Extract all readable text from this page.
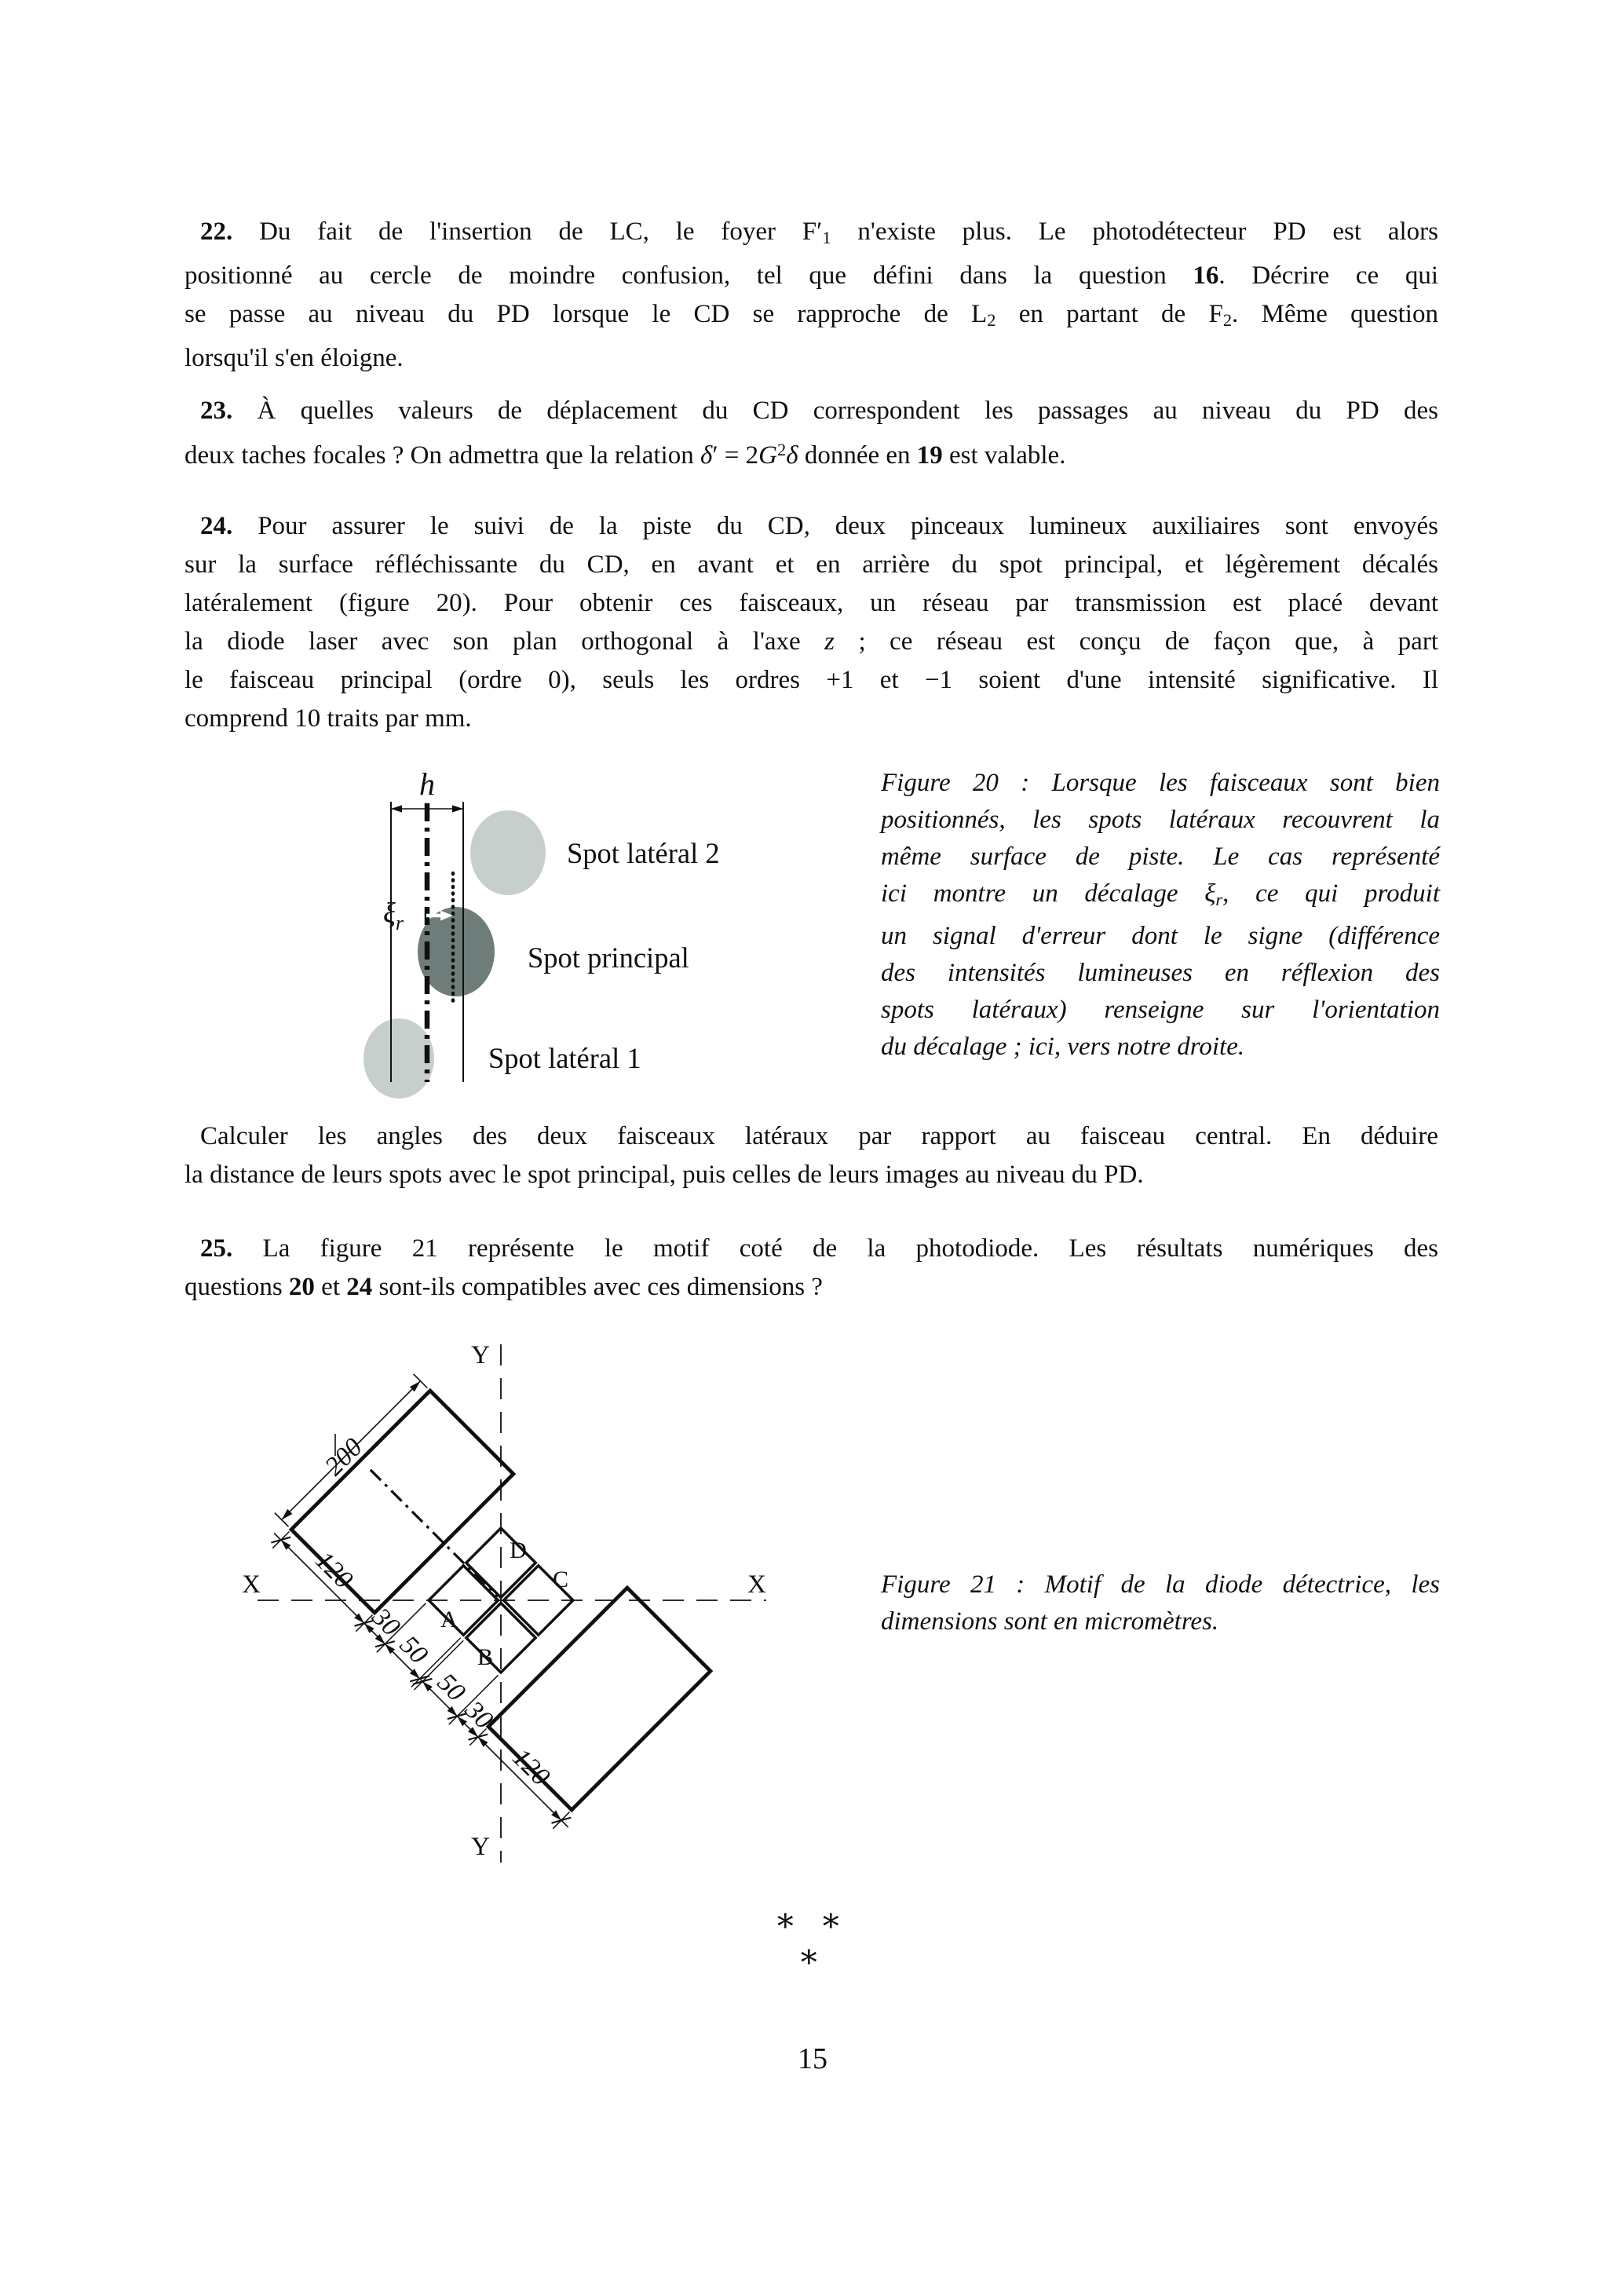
22. Du fait de l'insertion de LC, le foyer $F'_1$ n'existe plus. Le photodétecteur PD est alors
positionné au cercle de moindre confusion, tel que défini dans la question 16. Décrire ce qui
se passe au niveau du PD lorsque le CD se rapproche de $L_2$ en partant de $F_2$. Même question
lorsqu'il s'en éloigne.
23. À quelles valeurs de déplacement du CD correspondent les passages au niveau du PD des
deux taches focales ? On admettra que la relation $\delta' = 2G^2\delta$ donnée en 19 est valable.
24. Pour assurer le suivi de la piste du CD, deux pinceaux lumineux auxiliaires sont envoyés
sur la surface réfléchissante du CD, en avant et en arrière du spot principal, et légèrement décalés
latéralement (figure 20). Pour obtenir ces faisceaux, un réseau par transmission est placé devant
la diode laser avec son plan orthogonal à l'axe z ; ce réseau est conçu de façon que, à part
le faisceau principal (ordre 0), seuls les ordres +1 et −1 soient d'une intensité significative. Il
comprend 10 traits par mm.
h
$\xi_r$
Spot latéral 2
Spot principal
Spot latéral 1
Figure 20 : Lorsque les faisceaux sont bien
positionnés, les spots latéraux recouvrent la
même surface de piste. Le cas représenté
ici montre un décalage $\xi_r$, ce qui produit
un signal d'erreur dont le signe (différence
des intensités lumineuses en réflexion des
spots latéraux) renseigne sur l'orientation
du décalage ; ici, vers notre droite.
Calculer les angles des deux faisceaux latéraux par rapport au faisceau central. En déduire
la distance de leurs spots avec le spot principal, puis celles de leurs images au niveau du PD.
25. La figure 21 représente le motif coté de la photodiode. Les résultats numériques des
questions 20 et 24 sont-ils compatibles avec ces dimensions ?
200
120
30
50
50
30
120
X	X
Y
Y
D
C
A
B
Figure 21 : Motif de la diode détectrice, les
dimensions sont en micromètres.
∗ ∗
∗
15
